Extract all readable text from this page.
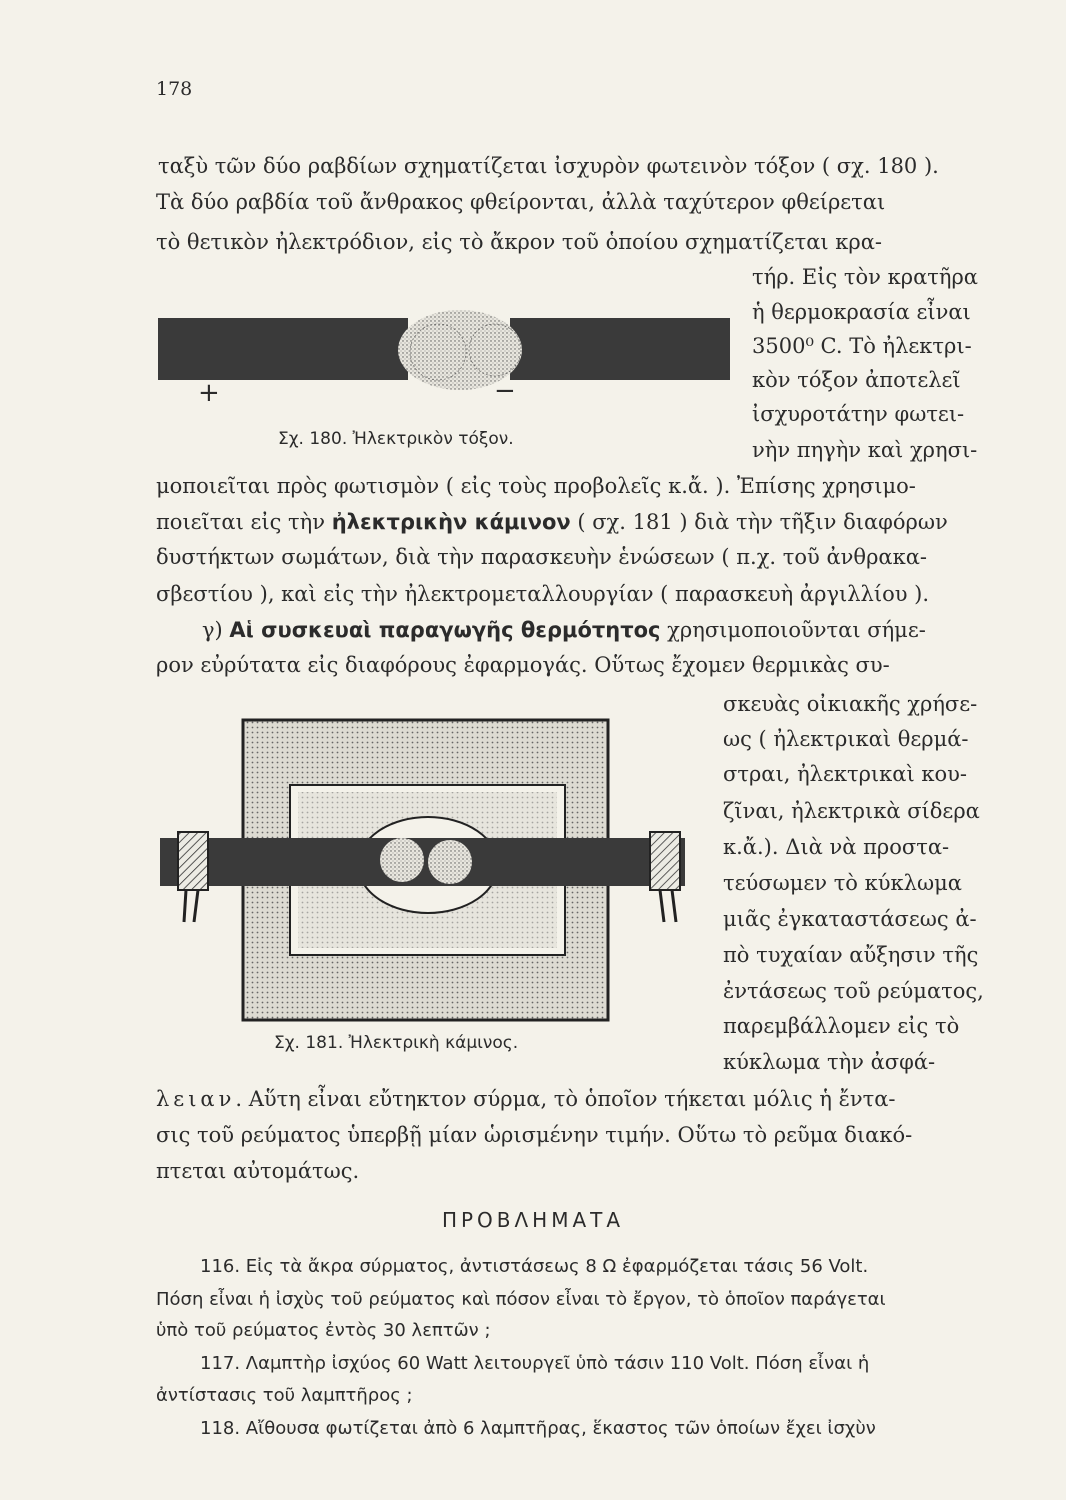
178
ταξὺ τῶν δύο ραβδίων σχηματίζεται ἰσχυρὸν φωτεινὸν τόξον ( σχ. 180 ).
Τὰ δύο ραβδία τοῦ ἄνθρακος φθείρονται, ἀλλὰ ταχύτερον φθείρεται
τὸ θετικὸν ἠλεκτρόδιον, εἰς τὸ ἄκρον τοῦ ὁποίου σχηματίζεται κρα-
τήρ. Εἰς τὸν κρατῆρα
ἡ θερμοκρασία εἶναι
3500⁰ C. Τὸ ἠλεκτρι-
κὸν τόξον ἀποτελεῖ
ἰσχυροτάτην φωτει-
νὴν πηγὴν καὶ χρησι-
+	−
Σχ. 180. Ἠλεκτρικὸν τόξον.
μοποιεῖται πρὸς φωτισμὸν ( εἰς τοὺς προβολεῖς κ.ἄ. ). Ἐπίσης χρησιμο-
ποιεῖται εἰς τὴν ἠλεκτρικὴν κάμινον ( σχ. 181 ) διὰ τὴν τῆξιν διαφόρων
δυστήκτων σωμάτων, διὰ τὴν παρασκευὴν ἑνώσεων ( π.χ. τοῦ ἀνθρακα-
σβεστίου ), καὶ εἰς τὴν ἠλεκτρομεταλλουργίαν ( παρασκευὴ ἀργιλλίου ).
γ) Αἱ συσκευαὶ παραγωγῆς θερμότητος χρησιμοποιοῦνται σήμε-
ρον εὐρύτατα εἰς διαφόρους ἐφαρμογάς. Οὕτως ἔχομεν θερμικὰς συ-
σκευὰς οἰκιακῆς χρήσε-
ως ( ἠλεκτρικαὶ θερμά-
στραι, ἠλεκτρικαὶ κου-
ζῖναι, ἠλεκτρικὰ σίδερα
κ.ἄ.). Διὰ νὰ προστα-
τεύσωμεν τὸ κύκλωμα
μιᾶς ἐγκαταστάσεως ἀ-
πὸ τυχαίαν αὔξησιν τῆς
ἐντάσεως τοῦ ρεύματος,
παρεμβάλλομεν εἰς τὸ
κύκλωμα τὴν ἀσφά-
Σχ. 181. Ἠλεκτρικὴ κάμινος.
λειαν. Αὕτη εἶναι εὔτηκτον σύρμα, τὸ ὁποῖον τήκεται μόλις ἡ ἔντα-
σις τοῦ ρεύματος ὑπερβῇ μίαν ὡρισμένην τιμήν. Οὕτω τὸ ρεῦμα διακό-
πτεται αὐτομάτως.
ΠΡΟΒΛΗΜΑΤΑ
116. Εἰς τὰ ἄκρα σύρματος, ἀντιστάσεως 8 Ω ἐφαρμόζεται τάσις 56 Volt.
Πόση εἶναι ἡ ἰσχὺς τοῦ ρεύματος καὶ πόσον εἶναι τὸ ἔργον, τὸ ὁποῖον παράγεται
ὑπὸ τοῦ ρεύματος ἐντὸς 30 λεπτῶν ;
117. Λαμπτὴρ ἰσχύος 60 Watt λειτουργεῖ ὑπὸ τάσιν 110 Volt. Πόση εἶναι ἡ
ἀντίστασις τοῦ λαμπτῆρος ;
118. Αἴθουσα φωτίζεται ἀπὸ 6 λαμπτῆρας, ἕκαστος τῶν ὁποίων ἔχει ἰσχὺν
